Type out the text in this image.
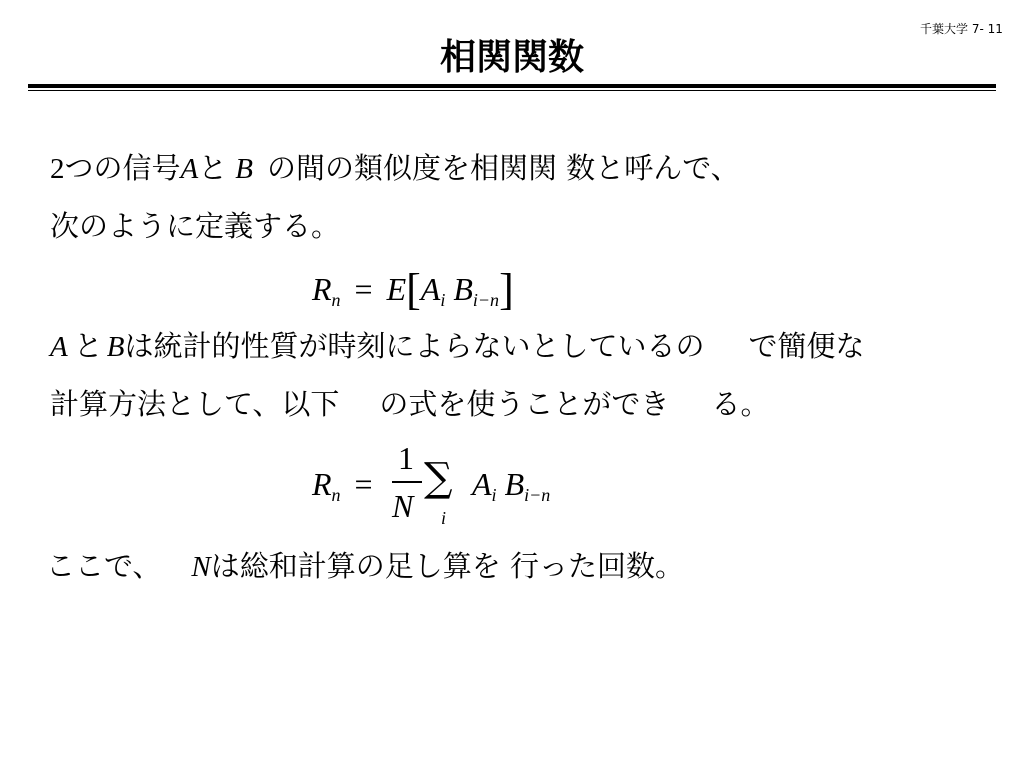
千葉大学 7- 11
相関関数
2つの信号Aと B の間の類似度を相関関 数と呼んで、
次のように定義する。
$R_n = E[A_i$ $B_{i-n}$]
A と Bは統計的性質が時刻によらないとしているの で簡便な
計算方法として、以下 の式を使うことができ る。
$R_n$ =
1
N
∑
i
$A_i$ $B_{i-n}$
ここで、 Nは総和計算の足し算を 行った回数。
